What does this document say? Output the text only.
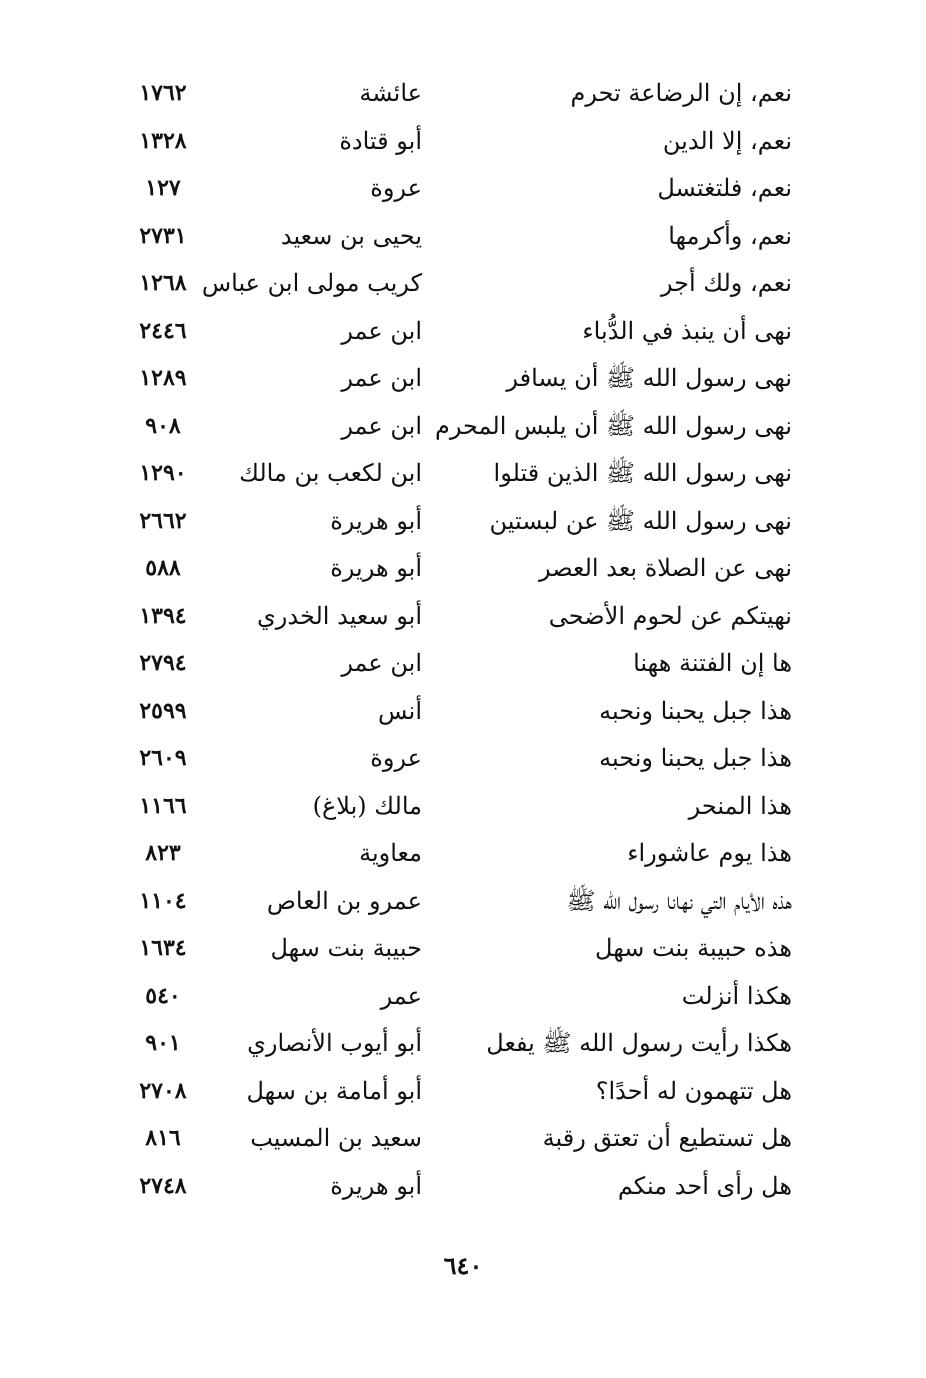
نعم، إن الرضاعة تحرم
عائشة
١٧٦٢
نعم، إلا الدين
أبو قتادة
١٣٢٨
نعم، فلتغتسل
عروة
١٢٧
نعم، وأكرمها
يحيى بن سعيد
٢٧٣١
نعم، ولك أجر
كريب مولى ابن عباس
١٢٦٨
نهى أن ينبذ في الدُّباء
ابن عمر
٢٤٤٦
نهى رسول الله ﷺ أن يسافر
ابن عمر
١٢٨٩
نهى رسول الله ﷺ أن يلبس المحرم
ابن عمر
٩٠٨
نهى رسول الله ﷺ الذين قتلوا
ابن لكعب بن مالك
١٢٩٠
نهى رسول الله ﷺ عن لبستين
أبو هريرة
٢٦٦٢
نهى عن الصلاة بعد العصر
أبو هريرة
٥٨٨
نهيتكم عن لحوم الأضحى
أبو سعيد الخدري
١٣٩٤
ها إن الفتنة ههنا
ابن عمر
٢٧٩٤
هذا جبل يحبنا ونحبه
أنس
٢٥٩٩
هذا جبل يحبنا ونحبه
عروة
٢٦٠٩
هذا المنحر
مالك (بلاغ)
١١٦٦
هذا يوم عاشوراء
معاوية
٨٢٣
هذه الأيام التي نهانا رسول الله ﷺ
عمرو بن العاص
١١٠٤
هذه حبيبة بنت سهل
حبيبة بنت سهل
١٦٣٤
هكذا أنزلت
عمر
٥٤٠
هكذا رأيت رسول الله ﷺ يفعل
أبو أيوب الأنصاري
٩٠١
هل تتهمون له أحدًا؟
أبو أمامة بن سهل
٢٧٠٨
هل تستطيع أن تعتق رقبة
سعيد بن المسيب
٨١٦
هل رأى أحد منكم
أبو هريرة
٢٧٤٨
٦٤٠
